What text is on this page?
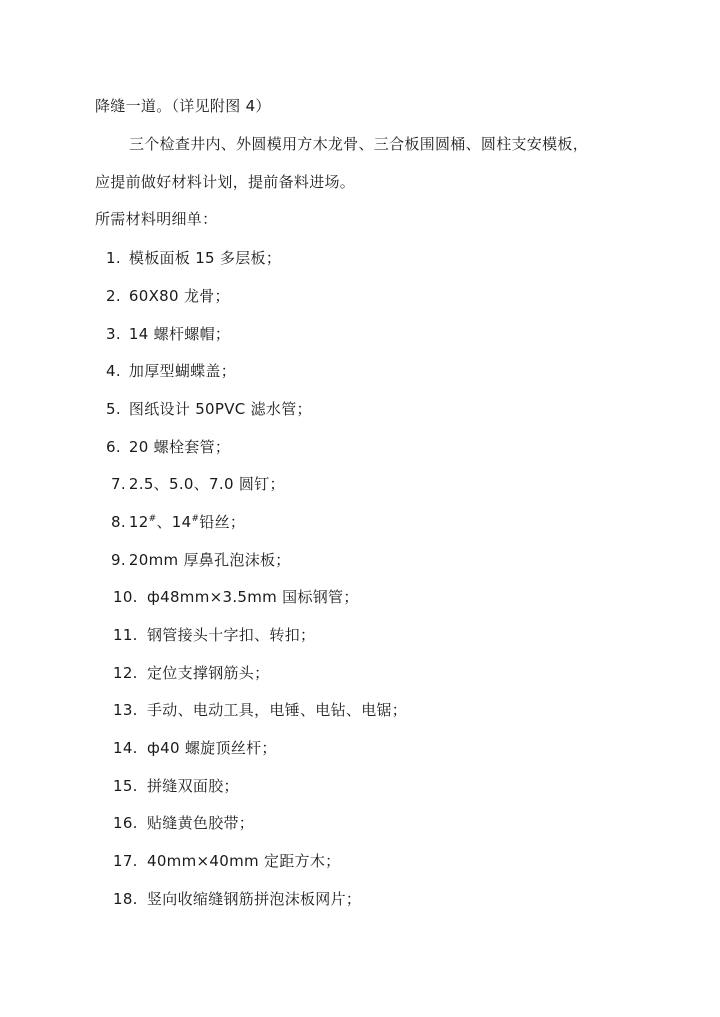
降缝一道。（详见附图 4）
三个检查井内、外圆模用方木龙骨、三合板围圆桶、圆柱支安模板，
应提前做好材料计划，提前备料进场。
所需材料明细单：
1. 模板面板 15 多层板；
2. 60X80 龙骨；
3. 14 螺杆螺帽；
4. 加厚型蝴蝶盖；
5. 图纸设计 50PVC 滤水管；
6. 20 螺栓套管；
7. 2.5、5.0、7.0 圆钉；
8. 12#、14#铅丝；
9. 20mm 厚鼻孔泡沫板；
10. ф48mm×3.5mm 国标钢管；
11. 钢管接头十字扣、转扣；
12. 定位支撑钢筋头；
13. 手动、电动工具，电锤、电钻、电锯；
14. ф40 螺旋顶丝杆；
15. 拼缝双面胶；
16. 贴缝黄色胶带；
17. 40mm×40mm 定距方木；
18. 竖向收缩缝钢筋拼泡沫板网片；
